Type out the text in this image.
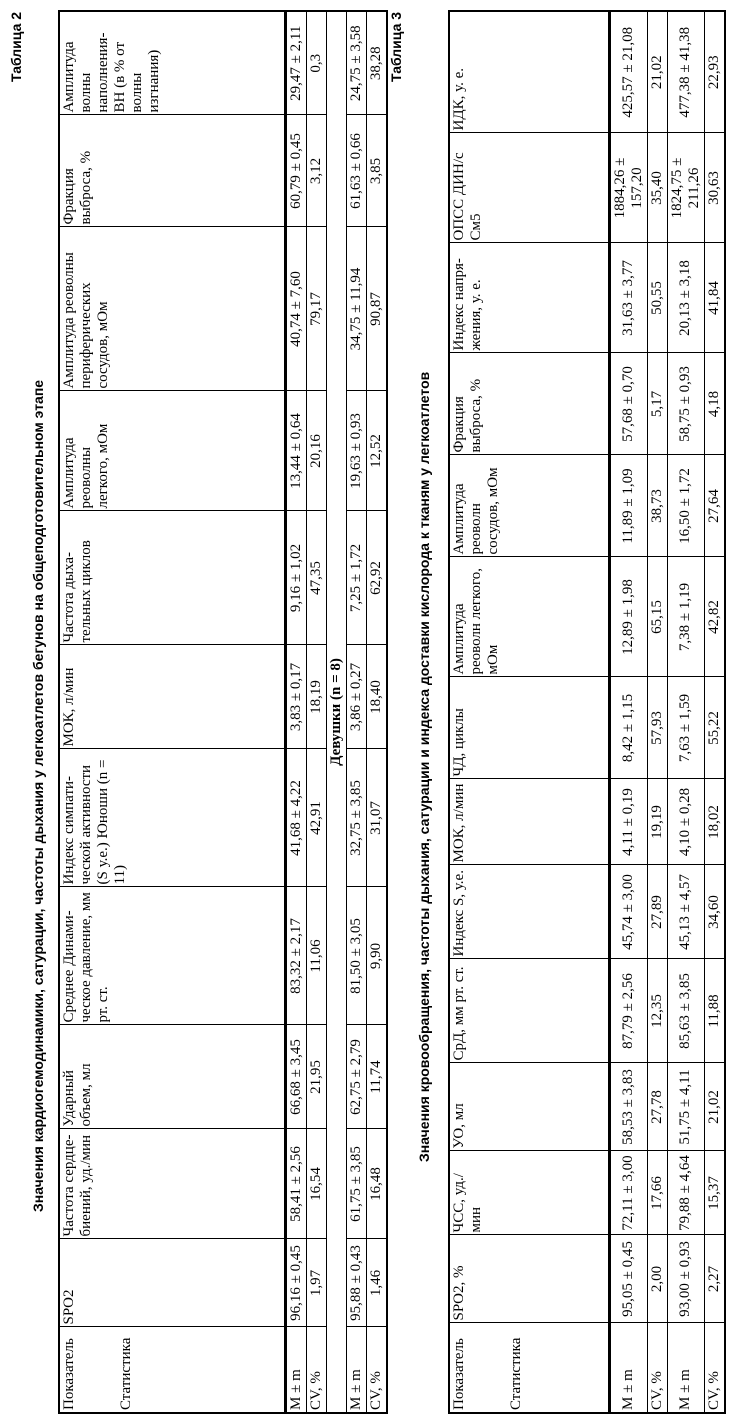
Таблица 2
Значения кардиогемодинамики, сатурации, частоты дыхания у легкоатлетов бегунов на общеподготовительном этапе
Показатель Статистика	SPO2	Частота сердцебиений, уд./мин	Ударный объем, мл	Среднее Динамическое давление, мм рт. ст.	Индекс симпатической активности (S у.е.) Юноши (n = 11)	МОК, л/мин	Частота дыхательных циклов	Амплитуда реоволны легкого, мОм	Амплитуда реоволны периферических сосудов, мОм	Фракция выброса, %	Амплитуда волны наполнения-ВН (в % от волны изгнания)
M ± m	96,16 ± 0,45	58,41 ± 2,56	66,68 ± 3,45	83,32 ± 2,17	41,68 ± 4,22	3,83 ± 0,17	9,16 ± 1,02	13,44 ± 0,64	40,74 ± 7,60	60,79 ± 0,45	29,47 ± 2,11
CV, %	1,97	16,54	21,95	11,06	42,91	18,19	47,35	20,16	79,17	3,12	0,3
Девушки (n = 8)											
M ± m	95,88 ± 0,43	61,75 ± 3,85	62,75 ± 2,79	81,50 ± 3,05	32,75 ± 3,85	3,86 ± 0,27	7,25 ± 1,72	19,63 ± 0,93	34,75 ± 11,94	61,63 ± 0,66	24,75 ± 3,58
CV, %	1,46	16,48	11,74	9,90	31,07	18,40	62,92	12,52	90,87	3,85	38,28 Таблица 3
Значения кровообращения, частоты дыхания, сатурации и индекса доставки кислорода к тканям у легкоатлетов
Показатель Статистика	SPO2, %	ЧСС, уд./мин	УО, мл	СрД, мм рт. ст.	Индекс S, у.е.	МОК, л/мин	ЧД, циклы	Амплитуда реоволн легкого, мОм	Амплитуда реоволн сосудов, мОм	Фракция выброса, %	Индекс напряжения, у. е.	ОПСС ДИН/с См5	ИДК, у. е.
M ± m	95,05 ± 0,45	72,11 ± 3,00	58,53 ± 3,83	87,79 ± 2,56	45,74 ± 3,00	4,11 ± 0,19	8,42 ± 1,15	12,89 ± 1,98	11,89 ± 1,09	57,68 ± 0,70	31,63 ± 3,77	1884,26 ± 157,20	425,57 ± 21,08
CV, %	2,00	17,66	27,78	12,35	27,89	19,19	57,93	65,15	38,73	5,17	50,55	35,40	21,02
M ± m	93,00 ± 0,93	79,88 ± 4,64	51,75 ± 4,11	85,63 ± 3,85	45,13 ± 4,57	4,10 ± 0,28	7,63 ± 1,59	7,38 ± 1,19	16,50 ± 1,72	58,75 ± 0,93	20,13 ± 3,18	1824,75 ± 211,26	477,38 ± 41,38
CV, %	2,27	15,37	21,02	11,88	34,60	18,02	55,22	42,82	27,64	4,18	41,84	30,63	22,93
